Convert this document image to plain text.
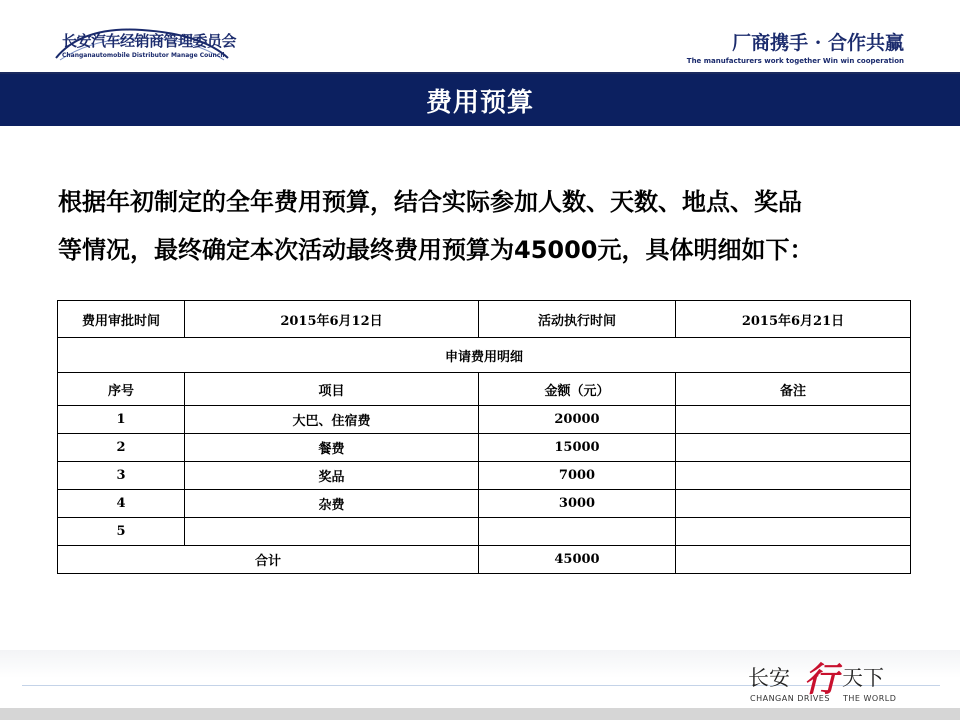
长安汽车经销商管理委员会
Changanautomobile Distributor Manage Council
厂商携手 · 合作共赢
The manufacturers work together Win win cooperation
费用预算

根据年初制定的全年费用预算，结合实际参加人数、天数、地点、奖品

等情况，最终确定本次活动最终费用预算为45000元，具体明细如下：

费用审批时间	2015年6月12日	活动执行时间	2015年6月21日
申请费用明细			
序号	项目	金额（元）	备注
1	大巴、住宿费	20000	
2	餐费	15000	
3	奖品	7000	
4	杂费	3000	
5			
合计		45000	
长安 行 天下
CHANGAN DRIVES THE WORLD
